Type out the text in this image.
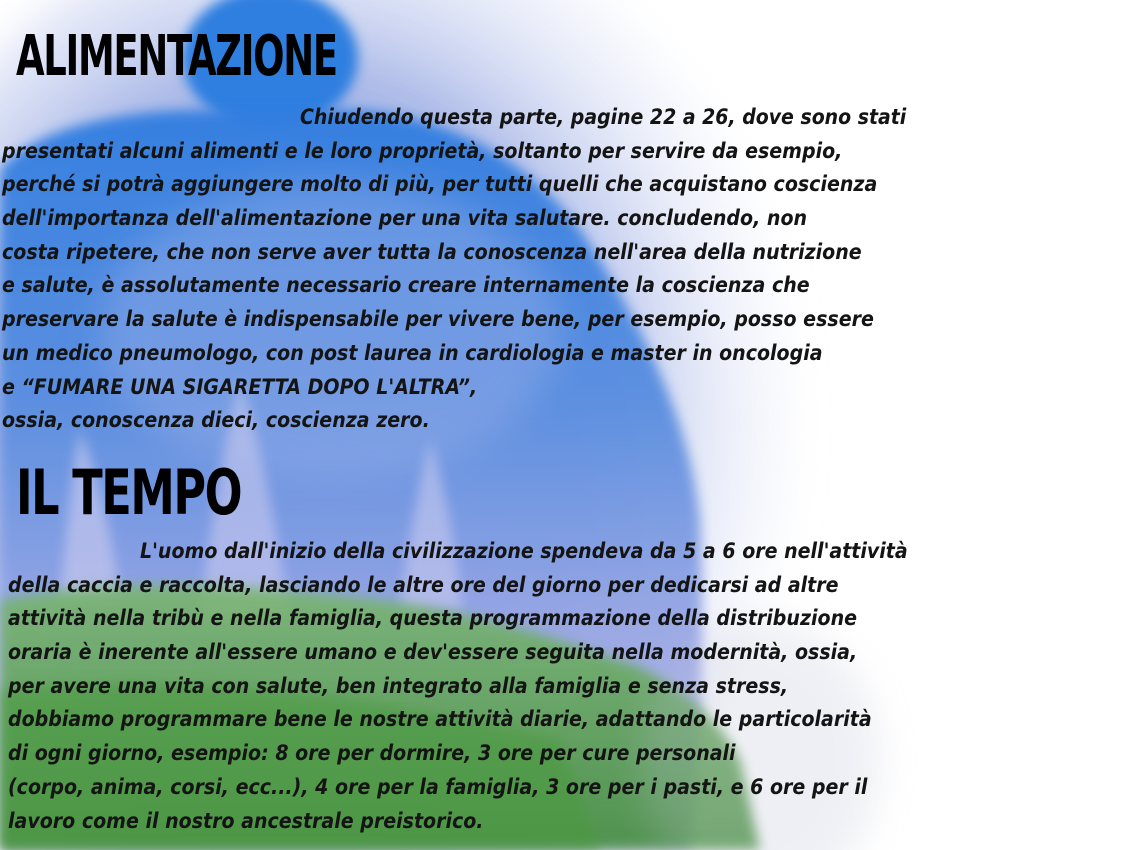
ALIMENTAZIONE
Chiudendo questa parte, pagine 22 a 26, dove sono stati
presentati alcuni alimenti e le loro proprietà, soltanto per servire da esempio,
perché si potrà aggiungere molto di più, per tutti quelli che acquistano coscienza
dell'importanza dell'alimentazione per una vita salutare. concludendo, non
costa ripetere, che non serve aver tutta la conoscenza nell'area della nutrizione
e salute, è assolutamente necessario creare internamente la coscienza che
preservare la salute è indispensabile per vivere bene, per esempio, posso essere
un medico pneumologo, con post laurea in cardiologia e master in oncologia
e “FUMARE UNA SIGARETTA DOPO L'ALTRA”,
ossia, conoscenza dieci, coscienza zero.
IL TEMPO
L'uomo dall'inizio della civilizzazione spendeva da 5 a 6 ore nell'attività
della caccia e raccolta, lasciando le altre ore del giorno per dedicarsi ad altre
attività nella tribù e nella famiglia, questa programmazione della distribuzione
oraria è inerente all'essere umano e dev'essere seguita nella modernità, ossia,
per avere una vita con salute, ben integrato alla famiglia e senza stress,
dobbiamo programmare bene le nostre attività diarie, adattando le particolarità
di ogni giorno, esempio: 8 ore per dormire, 3 ore per cure personali
(corpo, anima, corsi, ecc...), 4 ore per la famiglia, 3 ore per i pasti, e 6 ore per il
lavoro come il nostro ancestrale preistorico.
